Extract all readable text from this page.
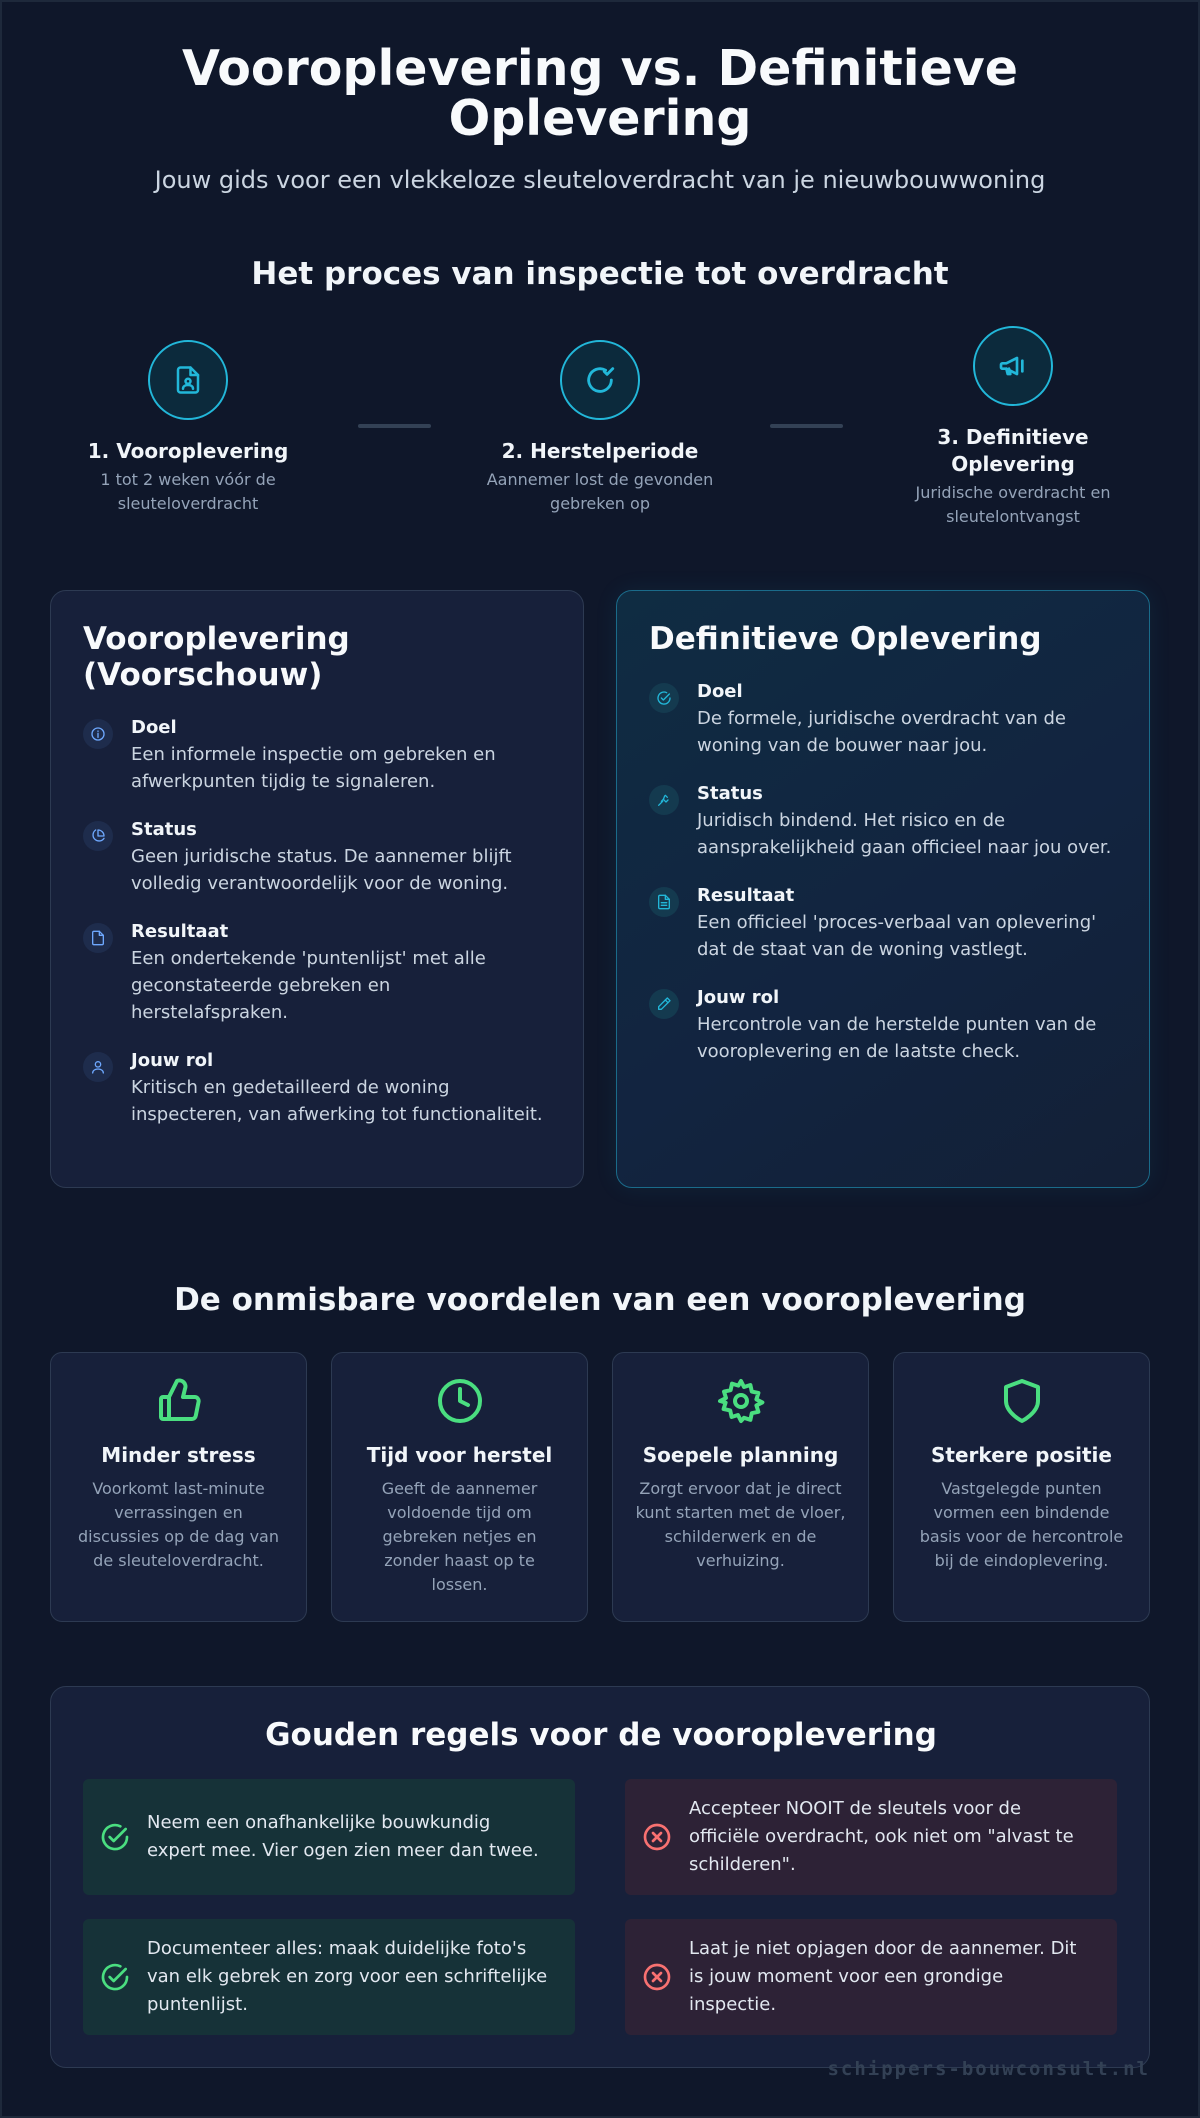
Vooroplevering vs. Definitieve Oplevering
Jouw gids voor een vlekkeloze sleuteloverdracht van je nieuwbouwwoning
Het proces van inspectie tot overdracht
1. Vooroplevering
1 tot 2 weken vóór de sleuteloverdracht
2. Herstelperiode
Aannemer lost de gevonden gebreken op
3. Definitieve Oplevering
Juridische overdracht en sleutelontvangst
Vooroplevering (Voorschouw)
Doel
Een informele inspectie om gebreken en afwerkpunten tijdig te signaleren.
Status
Geen juridische status. De aannemer blijft volledig verantwoordelijk voor de woning.
Resultaat
Een ondertekende 'puntenlijst' met alle geconstateerde gebreken en herstelafspraken.
Jouw rol
Kritisch en gedetailleerd de woning inspecteren, van afwerking tot functionaliteit.
Definitieve Oplevering
Doel
De formele, juridische overdracht van de woning van de bouwer naar jou.
Status
Juridisch bindend. Het risico en de aansprakelijkheid gaan officieel naar jou over.
Resultaat
Een officieel 'proces-verbaal van oplevering' dat de staat van de woning vastlegt.
Jouw rol
Hercontrole van de herstelde punten van de vooroplevering en de laatste check.
De onmisbare voordelen van een vooroplevering
Minder stress
Voorkomt last-minute verrassingen en discussies op de dag van de sleuteloverdracht.
Tijd voor herstel
Geeft de aannemer voldoende tijd om gebreken netjes en zonder haast op te lossen.
Soepele planning
Zorgt ervoor dat je direct kunt starten met de vloer, schilderwerk en de verhuizing.
Sterkere positie
Vastgelegde punten vormen een bindende basis voor de hercontrole bij de eindoplevering.
Gouden regels voor de vooroplevering
Neem een onafhankelijke bouwkundig expert mee. Vier ogen zien meer dan twee.
Accepteer NOOIT de sleutels voor de officiële overdracht, ook niet om "alvast te schilderen".
Documenteer alles: maak duidelijke foto's van elk gebrek en zorg voor een schriftelijke puntenlijst.
Laat je niet opjagen door de aannemer. Dit is jouw moment voor een grondige inspectie.
schippers-bouwconsult.nl
